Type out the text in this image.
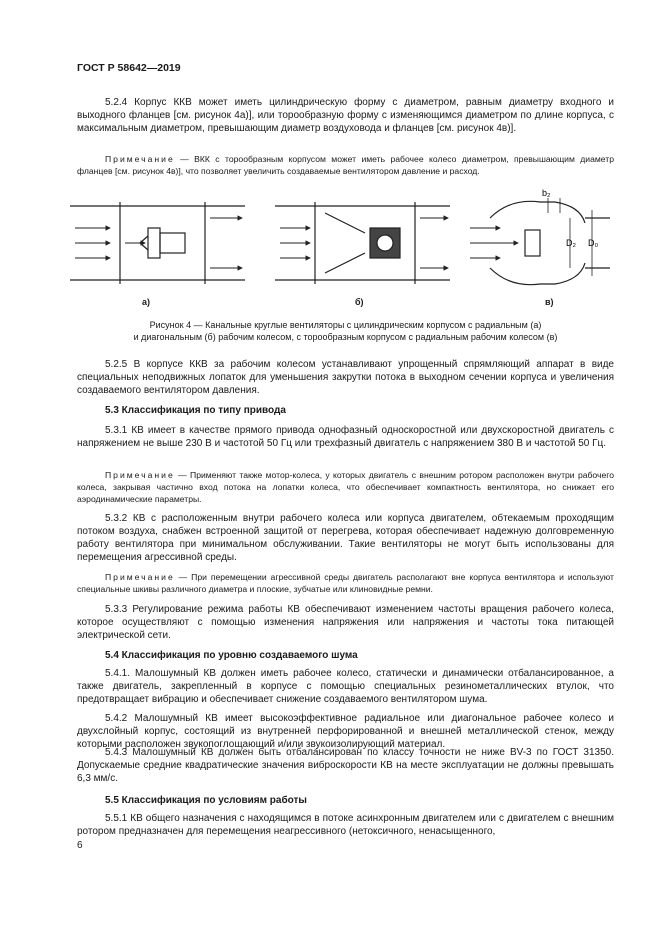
ГОСТ Р 58642—2019
5.2.4 Корпус ККВ может иметь цилиндрическую форму с диаметром, равным диаметру входного и выходного фланцев [см. рисунок 4а)], или торообразную форму с изменяющимся диаметром по длине корпуса, с максимальным диаметром, превышающим диаметр воздуховода и фланцев [см. рисунок 4в)].
Примечание — ВКК с торообразным корпусом может иметь рабочее колесо диаметром, превышающим диаметр фланцев [см. рисунок 4в)], что позволяет увеличить создаваемые вентилятором давление и расход.
b₂
D₂ D₀
а)	б)	в)
Рисунок 4 — Канальные круглые вентиляторы с цилиндрическим корпусом с радиальным (а)
и диагональным (б) рабочим колесом, с торообразным корпусом с радиальным рабочим колесом (в)
5.2.5 В корпусе ККВ за рабочим колесом устанавливают упрощенный спрямляющий аппарат в виде специальных неподвижных лопаток для уменьшения закрутки потока в выходном сечении корпуса и увеличения создаваемого вентилятором давления.
5.3 Классификация по типу привода
5.3.1 КВ имеет в качестве прямого привода однофазный односкоростной или двухскоростной двигатель с напряжением не выше 230 В и частотой 50 Гц или трехфазный двигатель с напряжением 380 В и частотой 50 Гц.
Примечание — Применяют также мотор-колеса, у которых двигатель с внешним ротором расположен внутри рабочего колеса, закрывая частично вход потока на лопатки колеса, что обеспечивает компактность вентилятора, но снижает его аэродинамические параметры.
5.3.2 КВ с расположенным внутри рабочего колеса или корпуса двигателем, обтекаемым проходящим потоком воздуха, снабжен встроенной защитой от перегрева, которая обеспечивает надежную долговременную работу вентилятора при минимальном обслуживании. Такие вентиляторы не могут быть использованы для перемещения агрессивной среды.
Примечание — При перемещении агрессивной среды двигатель располагают вне корпуса вентилятора и используют специальные шкивы различного диаметра и плоские, зубчатые или клиновидные ремни.
5.3.3 Регулирование режима работы КВ обеспечивают изменением частоты вращения рабочего колеса, которое осуществляют с помощью изменения напряжения или напряжения и частоты тока питающей электрической сети.
5.4 Классификация по уровню создаваемого шума
5.4.1. Малошумный КВ должен иметь рабочее колесо, статически и динамически отбалансированное, а также двигатель, закрепленный в корпусе с помощью специальных резинометаллических втулок, что предотвращает вибрацию и обеспечивает снижение создаваемого вентилятором шума.
5.4.2 Малошумный КВ имеет высокоэффективное радиальное или диагональное рабочее колесо и двухслойный корпус, состоящий из внутренней перфорированной и внешней металлической стенок, между которыми расположен звукопоглощающий и/или звукоизолирующий материал.
5.4.3 Малошумный КВ должен быть отбалансирован по классу точности не ниже BV-3 по ГОСТ 31350. Допускаемые средние квадратические значения виброскорости КВ на месте эксплуатации не должны превышать 6,3 мм/с.
5.5 Классификация по условиям работы
5.5.1 КВ общего назначения с находящимся в потоке асинхронным двигателем или с двигателем с внешним ротором предназначен для перемещения неагрессивного (нетоксичного, ненасыщенного,
6
